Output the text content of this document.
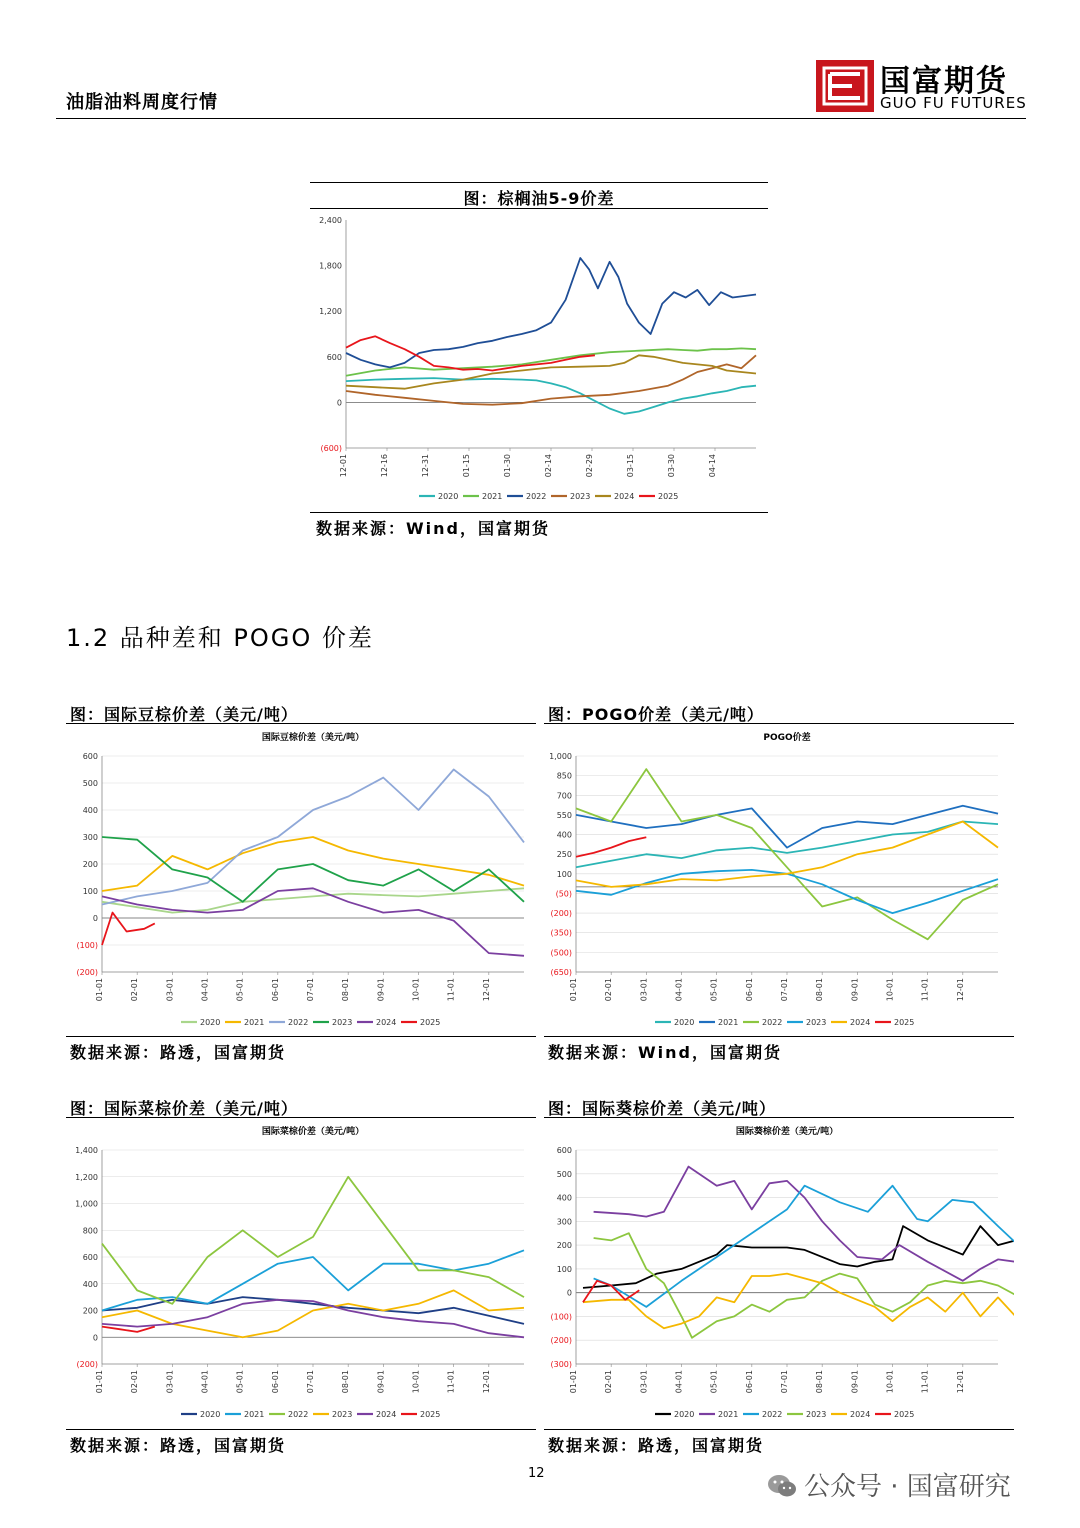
油脂油料周度行情
国富期货
GUO FU FUTURES
图：棕榈油5-9价差
2,400
1,800
1,200
600
0
(600)
12-01	12-16	12-31	01-15	01-30	02-14	02-29	03-15	03-30	04-14
2020	2021	2022	2023	2024	2025
数据来源：Wind，国富期货
1.2 品种差和 POGO 价差
图：国际豆棕价差（美元/吨）
国际豆棕价差（美元/吨）
600
500
400
300
200
100
0
(100)
(200)
01-01	02-01	03-01	04-01	05-01	06-01	07-01	08-01	09-01	10-01	11-01	12-01
2020	2021	2022	2023	2024	2025
数据来源：路透，国富期货
图：POGO价差（美元/吨）
POGO价差
1,000
850
700
550
400
250
100
(50)
(200)
(350)
(500)
(650)
01-01	02-01	03-01	04-01	05-01	06-01	07-01	08-01	09-01	10-01	11-01	12-01
2020	2021	2022	2023	2024	2025
数据来源：Wind，国富期货
图：国际菜棕价差（美元/吨）
国际菜棕价差（美元/吨）
1,400
1,200
1,000
800
600
400
200
0
(200)
01-01	02-01	03-01	04-01	05-01	06-01	07-01	08-01	09-01	10-01	11-01	12-01
2020	2021	2022	2023	2024	2025
数据来源：路透，国富期货
图：国际葵棕价差（美元/吨）
国际葵棕价差（美元/吨）
600
500
400
300
200
100
0
(100)
(200)
(300)
01-01	02-01	03-01	04-01	05-01	06-01	07-01	08-01	09-01	10-01	11-01	12-01
2020	2021	2022	2023	2024	2025
数据来源：路透，国富期货
12	公众号 · 国富研究
